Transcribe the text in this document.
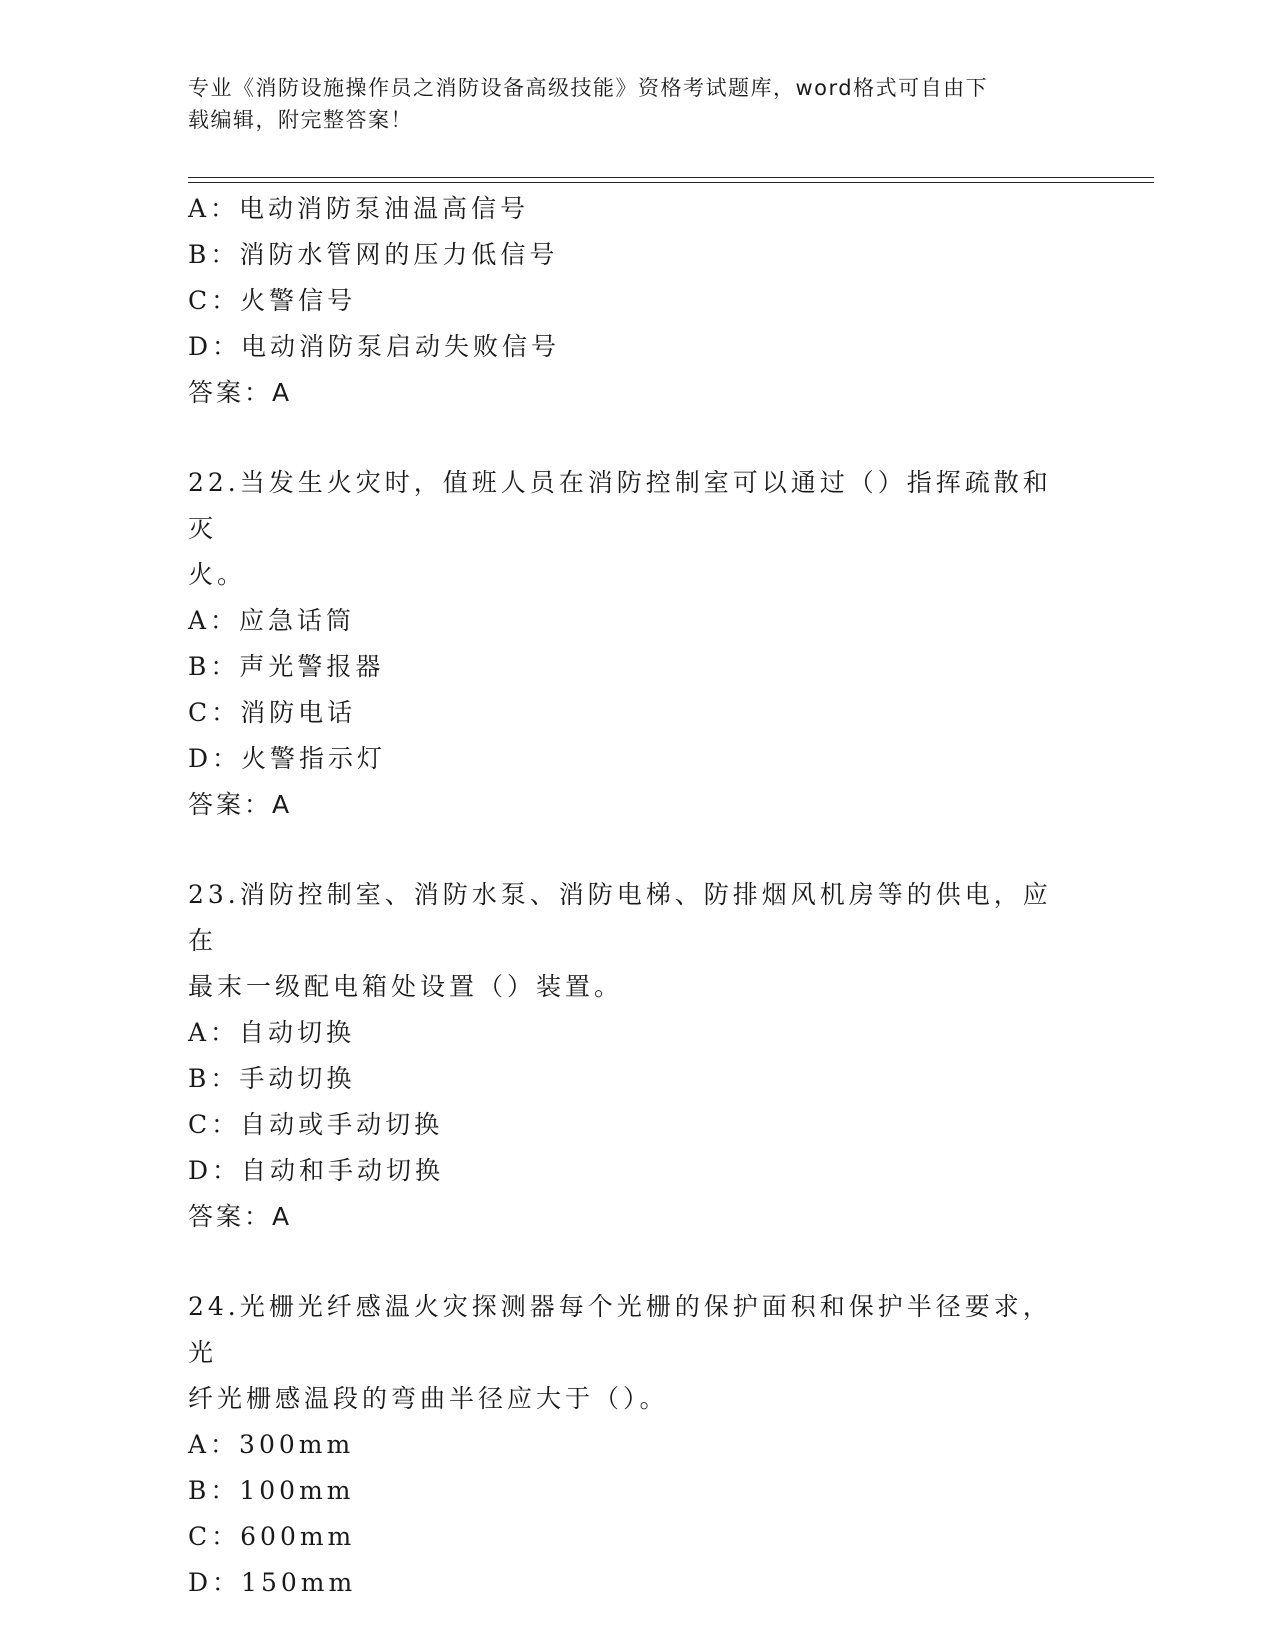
专业《消防设施操作员之消防设备高级技能》资格考试题库，word格式可自由下
载编辑，附完整答案！
A：电动消防泵油温高信号
B：消防水管网的压力低信号
C：火警信号
D：电动消防泵启动失败信号
答案：A
22.当发生火灾时，值班人员在消防控制室可以通过（）指挥疏散和灭
火。
A：应急话筒
B：声光警报器
C：消防电话
D：火警指示灯
答案：A
23.消防控制室、消防水泵、消防电梯、防排烟风机房等的供电，应在
最末一级配电箱处设置（）装置。
A：自动切换
B：手动切换
C：自动或手动切换
D：自动和手动切换
答案：A
24.光栅光纤感温火灾探测器每个光栅的保护面积和保护半径要求，光
纤光栅感温段的弯曲半径应大于（）。
A：300mm
B：100mm
C：600mm
D：150mm
